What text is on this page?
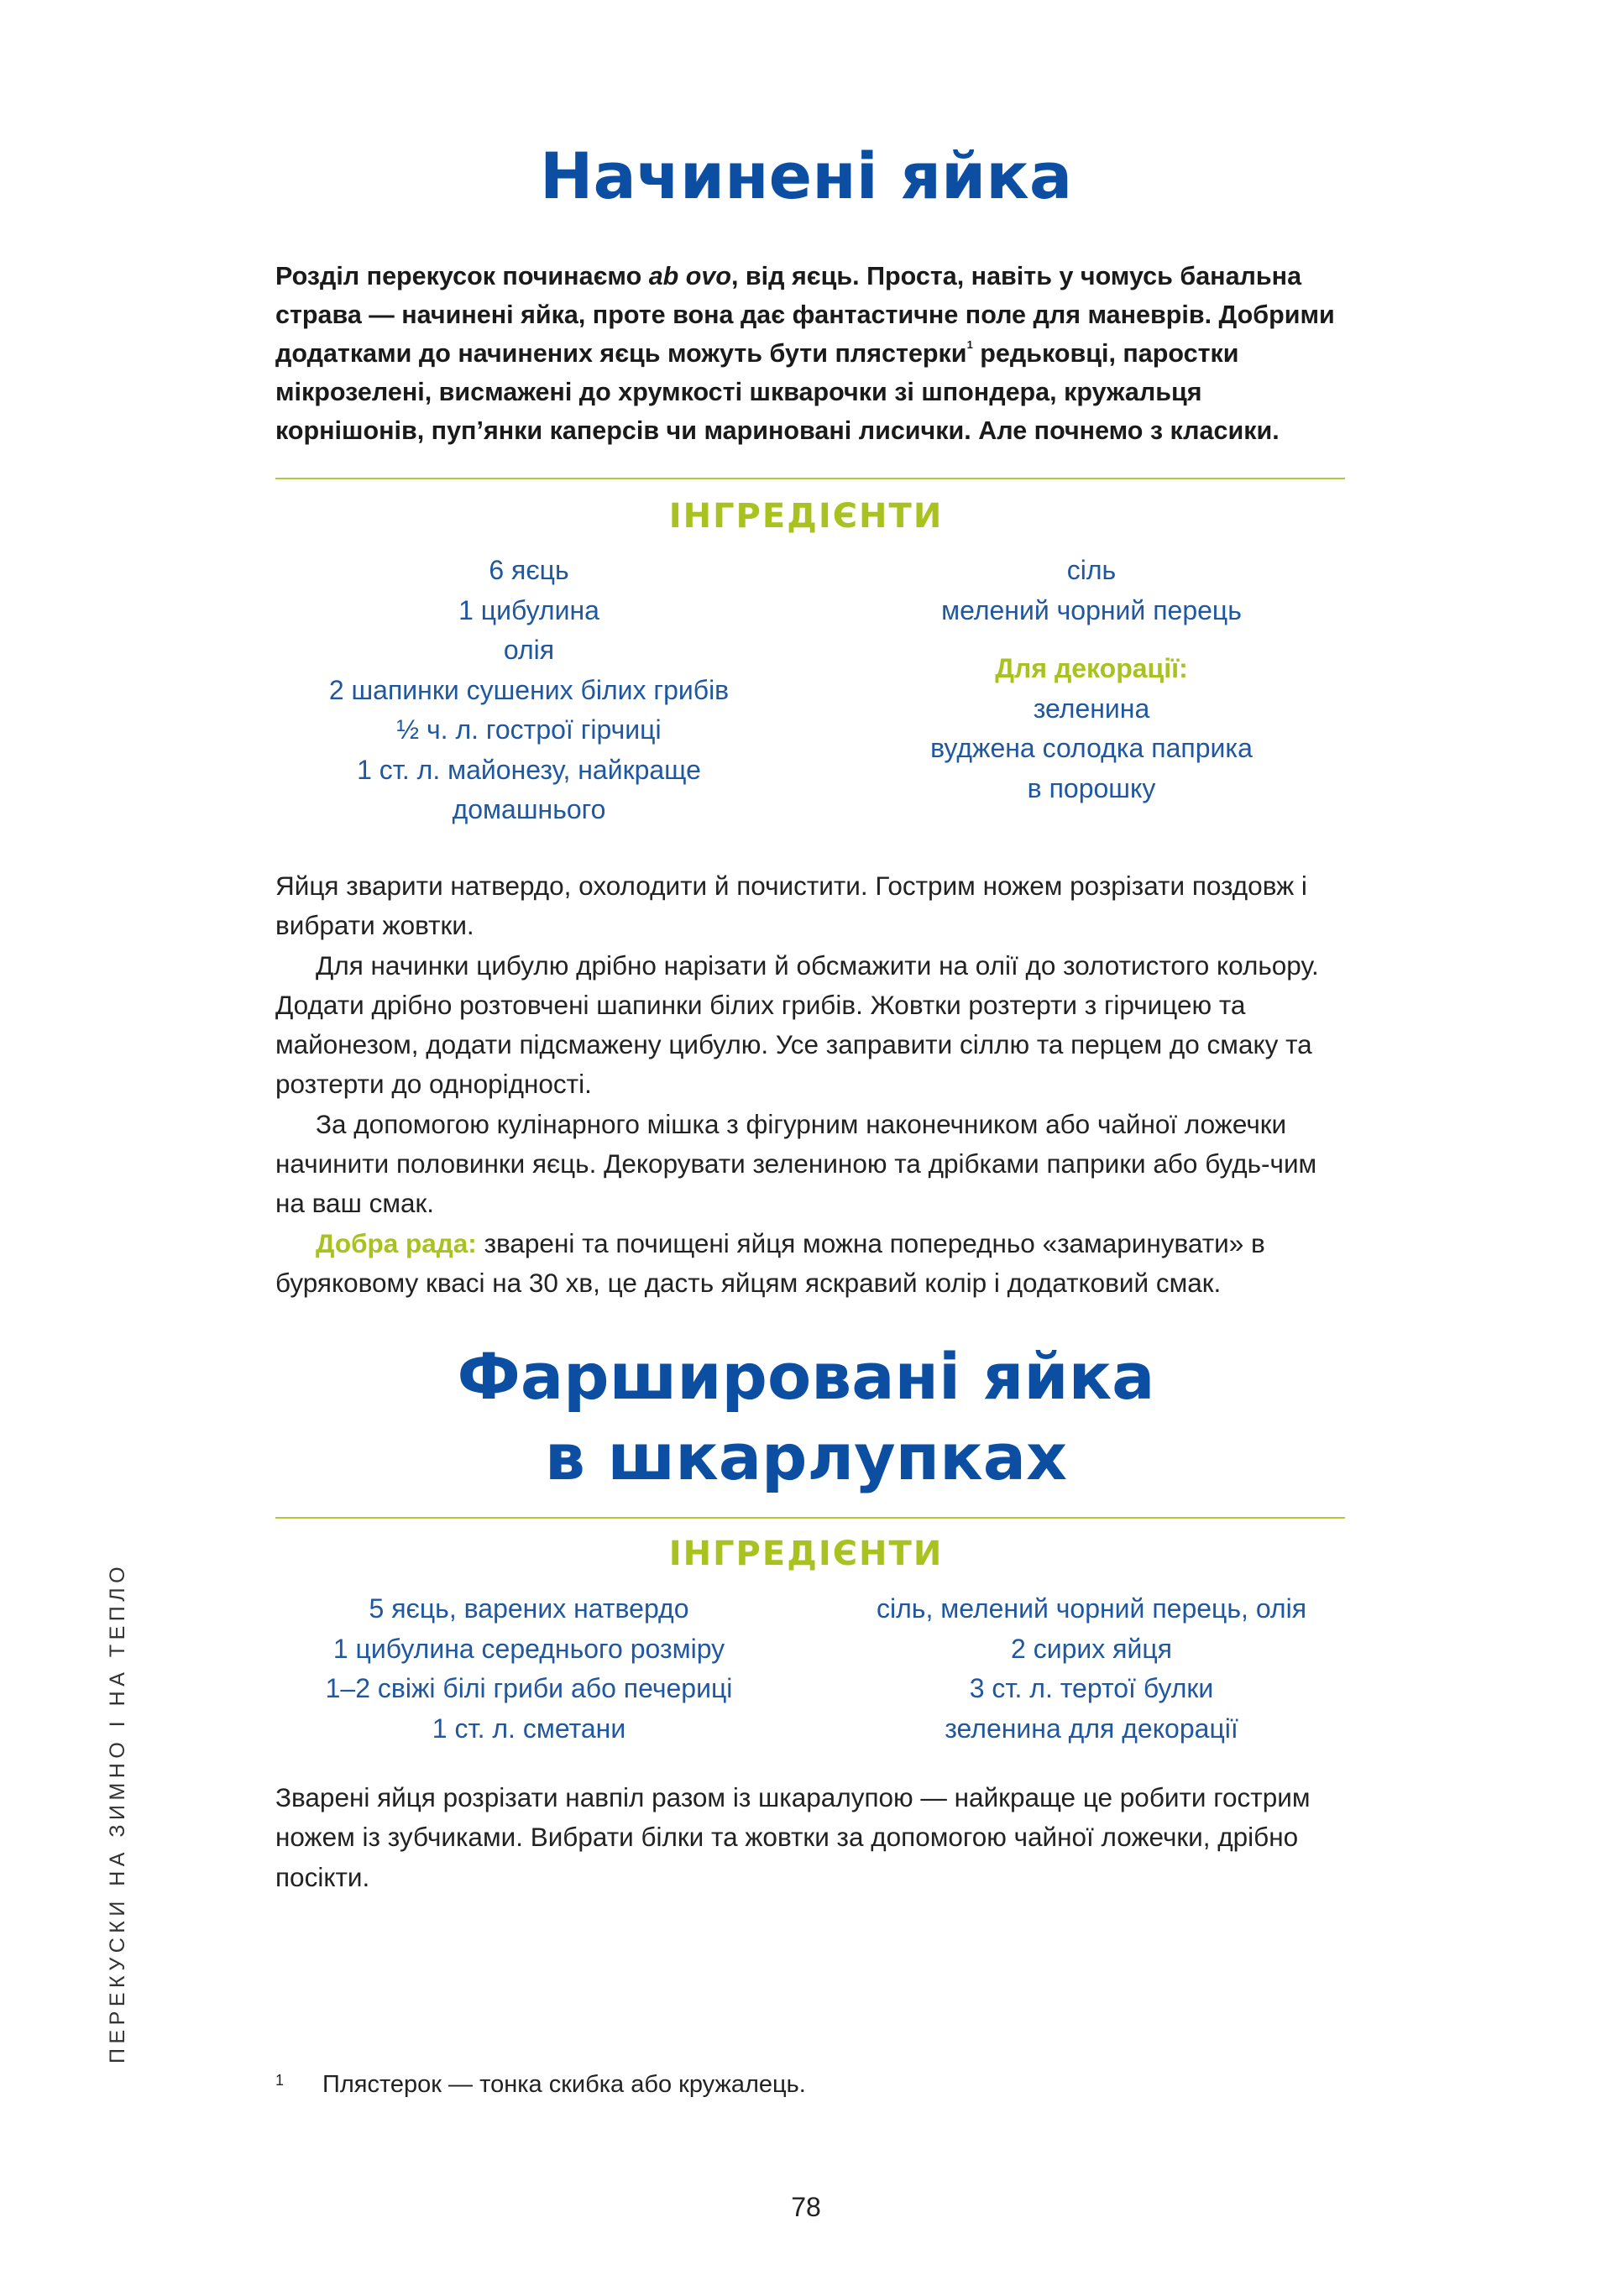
Начинені яйка

Розділ перекусок починаємо ab ovo, від яєць. Проста, навіть у чомусь банальна страва — начинені яйка, проте вона дає фантастичне поле для маневрів. Добрими додатками до начинених яєць можуть бути плястерки$^1$ редьковці, паростки мікрозелені, висмажені до хрумкості шкварочки зі шпондера, кружальця корнішонів, пуп’янки каперсів чи мариновані лисички. Але почнемо з класики.

ІНГРЕДІЄНТИ
6 яєць
1 цибулина
олія
2 шапинки сушених білих грибів
½ ч. л. гострої гірчиці
1 ст. л. майонезу, найкраще
домашнього
сіль
мелений чорний перець
Для декорації:
зеленина
вуджена солодка паприка
в порошку

Яйця зварити натвердо, охолодити й почистити. Гострим ножем розрізати поздовж і вибрати жовтки.

Для начинки цибулю дрібно нарізати й обсмажити на олії до золотистого кольору. Додати дрібно розтовчені шапинки білих грибів. Жовтки розтерти з гірчицею та майонезом, додати підсмажену цибулю. Усе заправити сіллю та перцем до смаку та розтерти до однорідності.

За допомогою кулінарного мішка з фігурним наконечником або чайної ложечки начинити половинки яєць. Декорувати зелениною та дрібками паприки або будь-чим на ваш смак.

Добра рада: зварені та почищені яйця можна попередньо «замаринувати» в буряковому квасі на 30 хв, це дасть яйцям яскравий колір і додатковий смак.

Фаршировані яйка
в шкарлупках
ІНГРЕДІЄНТИ
5 яєць, варених натвердо
1 цибулина середнього розміру
1–2 свіжі білі гриби або печериці
1 ст. л. сметани
сіль, мелений чорний перець, олія
2 сирих яйця
3 ст. л. тертої булки
зеленина для декорації

Зварені яйця розрізати навпіл разом із шкаралупою — найкраще це робити гострим ножем із зубчиками. Вибрати білки та жовтки за допомогою чайної ложечки, дрібно посікти.

1 Плястерок — тонка скибка або кружалець.
ПЕРЕКУСКИ НА ЗИМНО І НА ТЕПЛО
78
